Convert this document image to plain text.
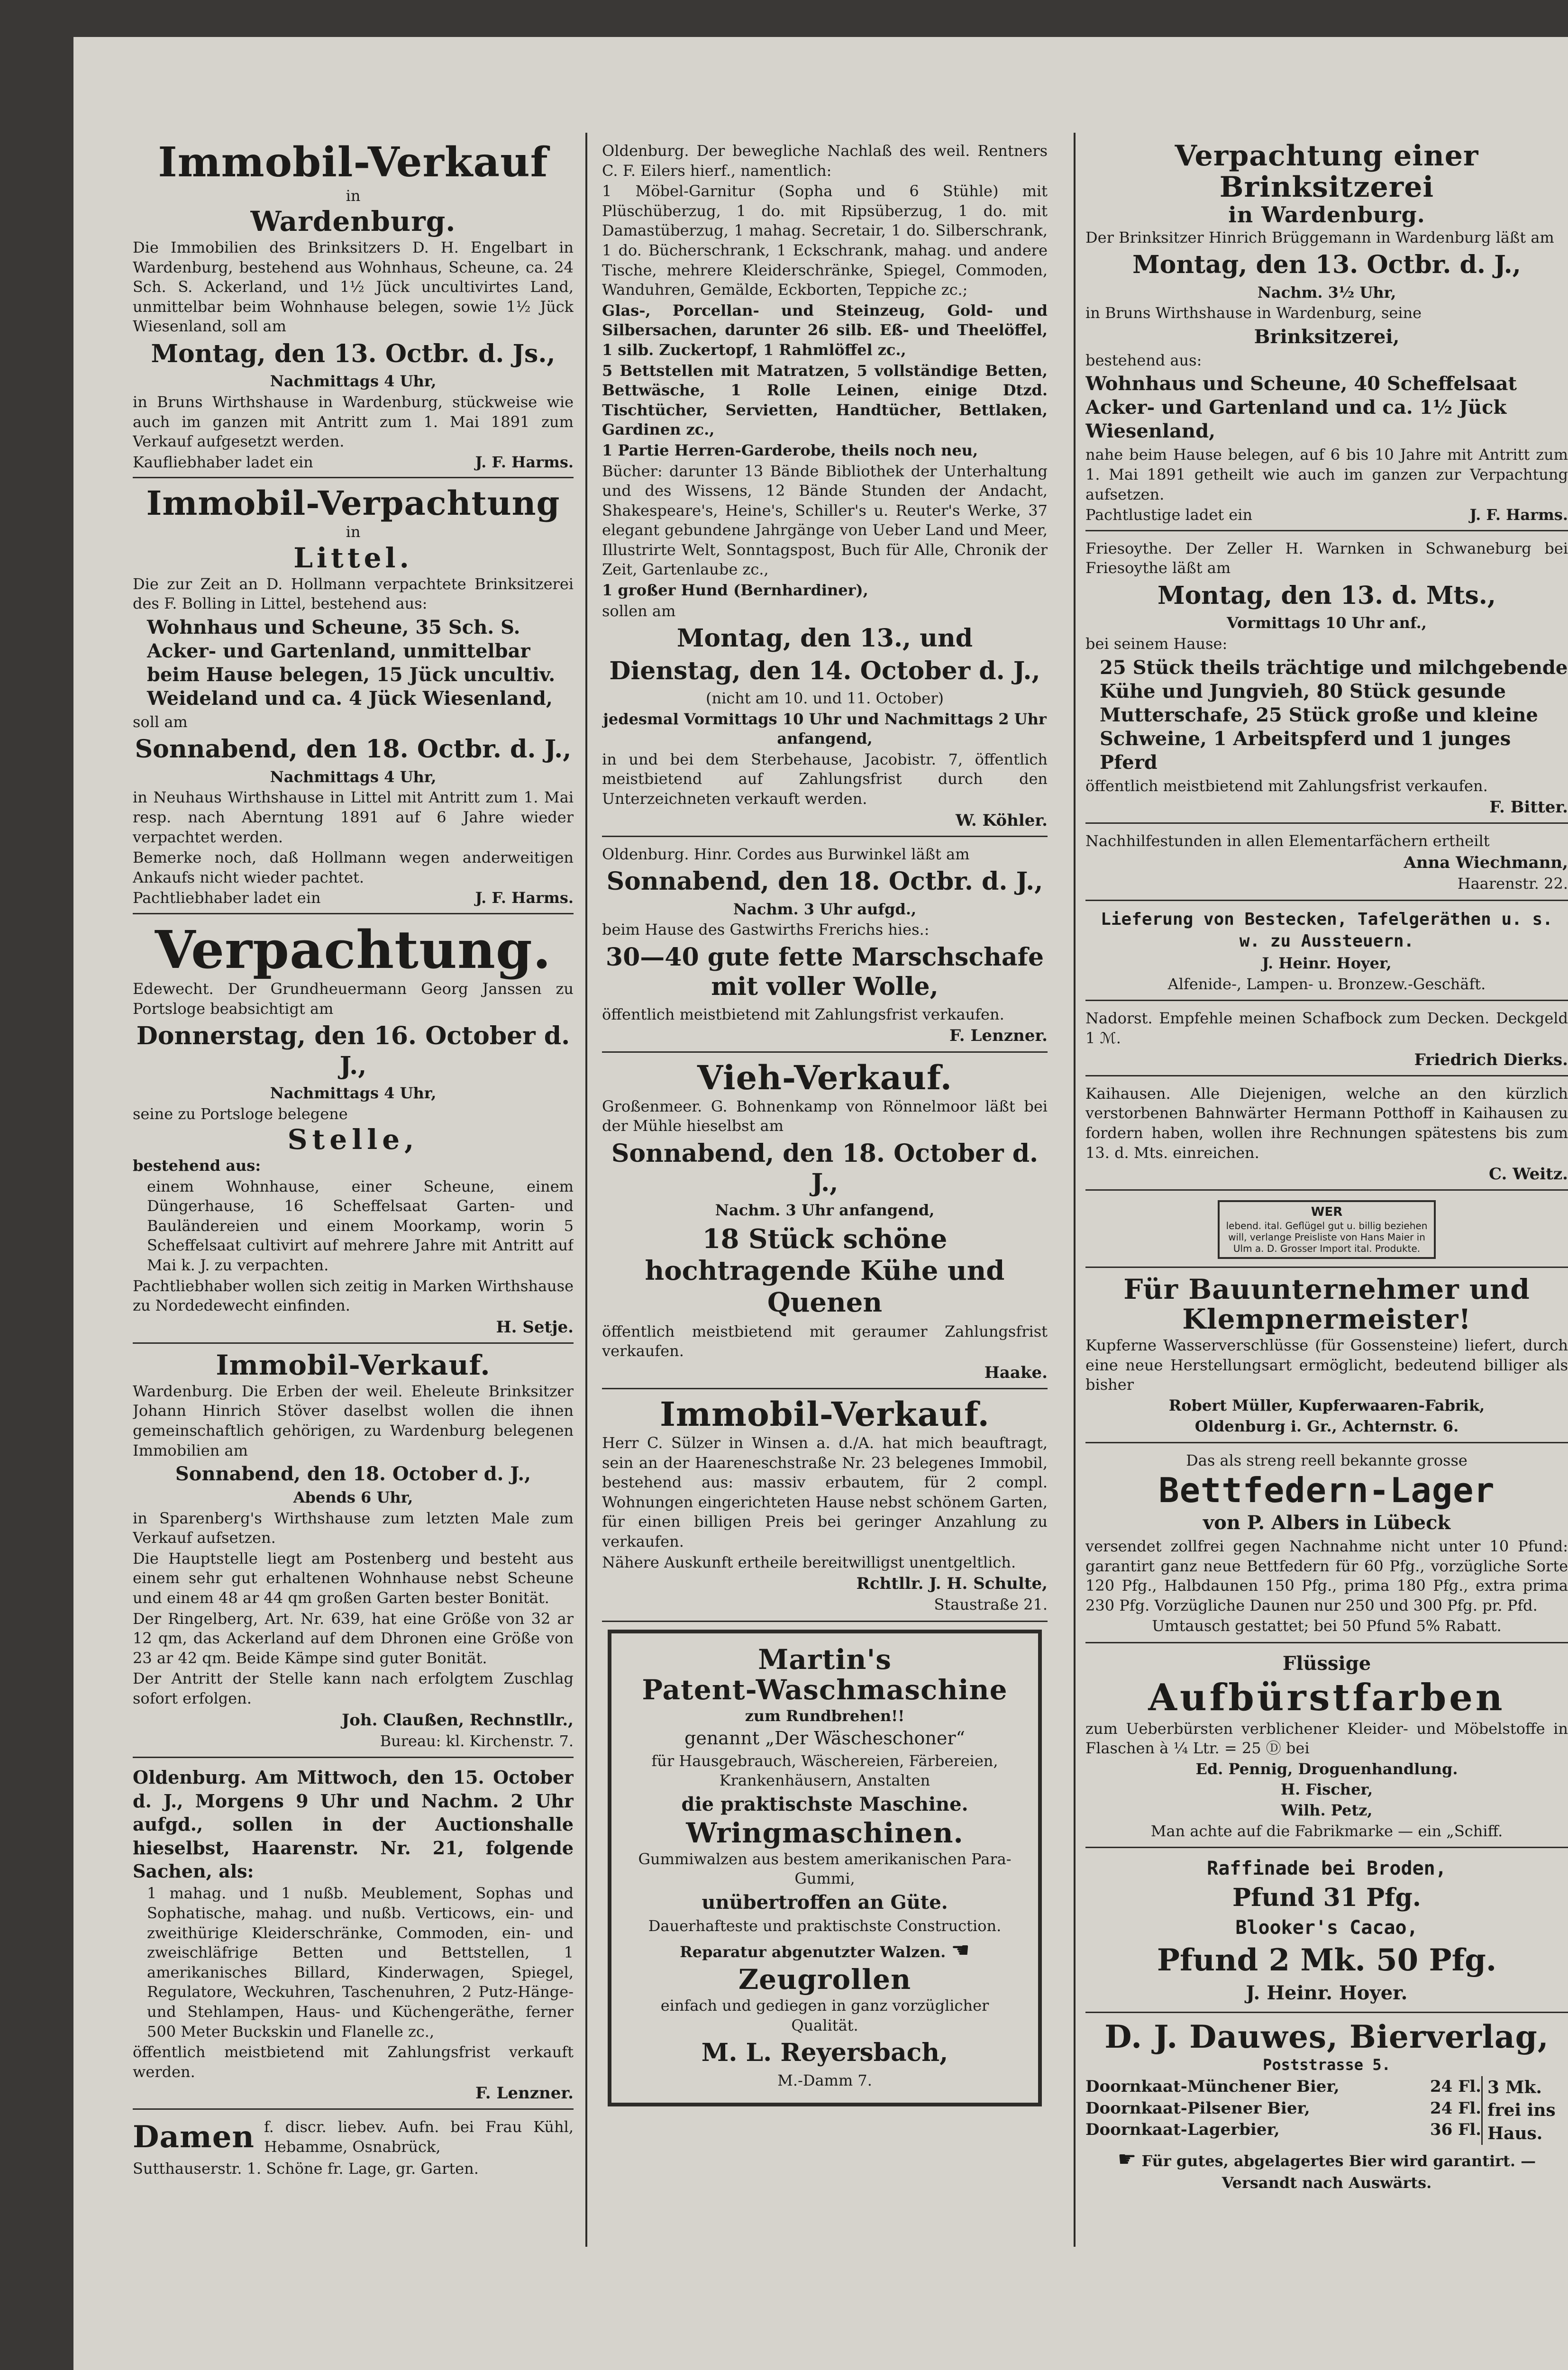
Immobil-Verkauf
in
Wardenburg.
Die Immobilien des Brinksitzers D. H. Engelbart in Wardenburg, bestehend aus Wohnhaus, Scheune, ca. 24 Sch. S. Ackerland, und 1½ Jück uncultivirtes Land, unmittelbar beim Wohnhause belegen, sowie 1½ Jück Wiesenland, soll am
Montag, den 13. Octbr. d. Js.,
Nachmittags 4 Uhr,
in Bruns Wirthshause in Wardenburg, stückweise wie auch im ganzen mit Antritt zum 1. Mai 1891 zum Verkauf aufgesetzt werden.
Kaufliebhaber ladet ein	J. F. Harms.
Immobil-Verpachtung
in
Littel.
Die zur Zeit an D. Hollmann verpachtete Brinksitzerei des F. Bolling in Littel, bestehend aus:
Wohnhaus und Scheune, 35 Sch. S. Acker- und Gartenland, unmittelbar beim Hause belegen, 15 Jück uncultiv. Weideland und ca. 4 Jück Wiesenland,
soll am
Sonnabend, den 18. Octbr. d. J.,
Nachmittags 4 Uhr,
in Neuhaus Wirthshause in Littel mit Antritt zum 1. Mai resp. nach Aberntung 1891 auf 6 Jahre wieder verpachtet werden.
Bemerke noch, daß Hollmann wegen anderweitigen Ankaufs nicht wieder pachtet.
Pachtliebhaber ladet ein	J. F. Harms.
Verpachtung.
Edewecht. Der Grundheuermann Georg Janssen zu Portsloge beabsichtigt am
Donnerstag, den 16. October d. J.,
Nachmittags 4 Uhr,
seine zu Portsloge belegene
Stelle,
bestehend aus:
einem Wohnhause, einer Scheune, einem Düngerhause, 16 Scheffelsaat Garten- und Bauländereien und einem Moorkamp, worin 5 Scheffelsaat cultivirt auf mehrere Jahre mit Antritt auf Mai k. J. zu verpachten.
Pachtliebhaber wollen sich zeitig in Marken Wirthshause zu Nordedewecht einfinden.
H. Setje.
Immobil-Verkauf.
Wardenburg. Die Erben der weil. Eheleute Brinksitzer Johann Hinrich Stöver daselbst wollen die ihnen gemeinschaftlich gehörigen, zu Wardenburg belegenen Immobilien am
Sonnabend, den 18. October d. J.,
Abends 6 Uhr,
in Sparenberg's Wirthshause zum letzten Male zum Verkauf aufsetzen.
Die Hauptstelle liegt am Postenberg und besteht aus einem sehr gut erhaltenen Wohnhause nebst Scheune und einem 48 ar 44 qm großen Garten bester Bonität.
Der Ringelberg, Art. Nr. 639, hat eine Größe von 32 ar 12 qm, das Ackerland auf dem Dhronen eine Größe von 23 ar 42 qm. Beide Kämpe sind guter Bonität.
Der Antritt der Stelle kann nach erfolgtem Zuschlag sofort erfolgen.
Joh. Claußen, Rechnstllr.,
Bureau: kl. Kirchenstr. 7.
Oldenburg. Am Mittwoch, den 15. October d. J., Morgens 9 Uhr und Nachm. 2 Uhr aufgd., sollen in der Auctionshalle hieselbst, Haarenstr. Nr. 21, folgende Sachen, als:
1 mahag. und 1 nußb. Meublement, Sophas und Sophatische, mahag. und nußb. Verticows, ein- und zweithürige Kleiderschränke, Commoden, ein- und zweischläfrige Betten und Bettstellen, 1 amerikanisches Billard, Kinderwagen, Spiegel, Regulatore, Weckuhren, Taschenuhren, 2 Putz-Hänge- und Stehlampen, Haus- und Küchengeräthe, ferner 500 Meter Buckskin und Flanelle zc.,
öffentlich meistbietend mit Zahlungsfrist verkauft werden.
F. Lenzner.
Damen f. discr. liebev. Aufn. bei Frau Kühl, Hebamme, Osnabrück,
Sutthauserstr. 1. Schöne fr. Lage, gr. Garten.
Oldenburg. Der bewegliche Nachlaß des weil. Rentners C. F. Eilers hierf., namentlich:
1 Möbel-Garnitur (Sopha und 6 Stühle) mit Plüschüberzug, 1 do. mit Ripsüberzug, 1 do. mit Damastüberzug, 1 mahag. Secretair, 1 do. Silberschrank, 1 do. Bücherschrank, 1 Eckschrank, mahag. und andere Tische, mehrere Kleiderschränke, Spiegel, Commoden, Wanduhren, Gemälde, Eckborten, Teppiche zc.;
Glas-, Porcellan- und Steinzeug, Gold- und Silbersachen, darunter 26 silb. Eß- und Theelöffel, 1 silb. Zuckertopf, 1 Rahmlöffel zc.,
5 Bettstellen mit Matratzen, 5 vollständige Betten, Bettwäsche, 1 Rolle Leinen, einige Dtzd. Tischtücher, Servietten, Handtücher, Bettlaken, Gardinen zc.,
1 Partie Herren-Garderobe, theils noch neu,
Bücher: darunter 13 Bände Bibliothek der Unterhaltung und des Wissens, 12 Bände Stunden der Andacht, Shakespeare's, Heine's, Schiller's u. Reuter's Werke, 37 elegant gebundene Jahrgänge von Ueber Land und Meer, Illustrirte Welt, Sonntagspost, Buch für Alle, Chronik der Zeit, Gartenlaube zc.,
1 großer Hund (Bernhardiner),
sollen am
Montag, den 13., und
Dienstag, den 14. October d. J.,
(nicht am 10. und 11. October)
jedesmal Vormittags 10 Uhr und Nachmittags 2 Uhr anfangend,
in und bei dem Sterbehause, Jacobistr. 7, öffentlich meistbietend auf Zahlungsfrist durch den Unterzeichneten verkauft werden.
W. Köhler.
Oldenburg. Hinr. Cordes aus Burwinkel läßt am
Sonnabend, den 18. Octbr. d. J.,
Nachm. 3 Uhr aufgd.,
beim Hause des Gastwirths Frerichs hies.:
30—40 gute fette Marschschafe mit voller Wolle,
öffentlich meistbietend mit Zahlungsfrist verkaufen.
F. Lenzner.
Vieh-Verkauf.
Großenmeer. G. Bohnenkamp von Rönnelmoor läßt bei der Mühle hieselbst am
Sonnabend, den 18. October d. J.,
Nachm. 3 Uhr anfangend,
18 Stück schöne hochtragende Kühe und Quenen
öffentlich meistbietend mit geraumer Zahlungsfrist verkaufen.
Haake.
Immobil-Verkauf.
Herr C. Sülzer in Winsen a. d./A. hat mich beauftragt, sein an der Haareneschstraße Nr. 23 belegenes Immobil, bestehend aus: massiv erbautem, für 2 compl. Wohnungen eingerichteten Hause nebst schönem Garten, für einen billigen Preis bei geringer Anzahlung zu verkaufen.
Nähere Auskunft ertheile bereitwilligst unentgeltlich.
Rchtllr. J. H. Schulte,
Staustraße 21.
Martin's
Patent-Waschmaschine
zum Rundbrehen!!
genannt „Der Wäscheschoner“
für Hausgebrauch, Wäschereien, Färbereien, Krankenhäusern, Anstalten
die praktischste Maschine.
Wringmaschinen.
Gummiwalzen aus bestem amerikanischen Para-Gummi,
unübertroffen an Güte.
Dauerhafteste und praktischste Construction.
Reparatur abgenutzter Walzen. ☚
Zeugrollen
einfach und gediegen in ganz vorzüglicher Qualität.
M. L. Reyersbach,
M.-Damm 7.
Verpachtung einer Brinksitzerei
in Wardenburg.
Der Brinksitzer Hinrich Brüggemann in Wardenburg läßt am
Montag, den 13. Octbr. d. J.,
Nachm. 3½ Uhr,
in Bruns Wirthshause in Wardenburg, seine
Brinksitzerei,
bestehend aus:
Wohnhaus und Scheune, 40 Scheffelsaat Acker- und Gartenland und ca. 1½ Jück Wiesenland,
nahe beim Hause belegen, auf 6 bis 10 Jahre mit Antritt zum 1. Mai 1891 getheilt wie auch im ganzen zur Verpachtung aufsetzen.
Pachtlustige ladet ein	J. F. Harms.
Friesoythe. Der Zeller H. Warnken in Schwaneburg bei Friesoythe läßt am
Montag, den 13. d. Mts.,
Vormittags 10 Uhr anf.,
bei seinem Hause:
25 Stück theils trächtige und milchgebende Kühe und Jungvieh, 80 Stück gesunde Mutterschafe, 25 Stück große und kleine Schweine, 1 Arbeitspferd und 1 junges Pferd
öffentlich meistbietend mit Zahlungsfrist verkaufen.
F. Bitter.
Nachhilfestunden in allen Elementarfächern ertheilt
Anna Wiechmann,
Haarenstr. 22.
Lieferung von Bestecken, Tafelgeräthen u. s. w. zu Aussteuern.
J. Heinr. Hoyer,
Alfenide-, Lampen- u. Bronzew.-Geschäft.
Nadorst. Empfehle meinen Schafbock zum Decken. Deckgeld 1 ℳ.
Friedrich Dierks.
Kaihausen. Alle Diejenigen, welche an den kürzlich verstorbenen Bahnwärter Hermann Potthoff in Kaihausen zu fordern haben, wollen ihre Rechnungen spätestens bis zum 13. d. Mts. einreichen.
C. Weitz.
WER
lebend. ital. Geflügel gut u. billig beziehen will, verlange Preisliste von Hans Maier in Ulm a. D. Grosser Import ital. Produkte.
Für Bauunternehmer und Klempnermeister!
Kupferne Wasserverschlüsse (für Gossensteine) liefert, durch eine neue Herstellungsart ermöglicht, bedeutend billiger als bisher
Robert Müller, Kupferwaaren-Fabrik,
Oldenburg i. Gr., Achternstr. 6.
Das als streng reell bekannte grosse
Bettfedern-Lager
von P. Albers in Lübeck
versendet zollfrei gegen Nachnahme nicht unter 10 Pfund: garantirt ganz neue Bettfedern für 60 Pfg., vorzügliche Sorte 120 Pfg., Halbdaunen 150 Pfg., prima 180 Pfg., extra prima 230 Pfg. Vorzügliche Daunen nur 250 und 300 Pfg. pr. Pfd.
Umtausch gestattet; bei 50 Pfund 5% Rabatt.
Flüssige
Aufbürstfarben
zum Ueberbürsten verblichener Kleider- und Möbelstoffe in Flaschen à ¼ Ltr. = 25 Ⓓ bei
Ed. Pennig, Droguenhandlung.
H. Fischer,
Wilh. Petz,
Man achte auf die Fabrikmarke — ein „Schiff.
Raffinade bei Broden,
Pfund 31 Pfg.
Blooker's Cacao,
Pfund 2 Mk. 50 Pfg.
J. Heinr. Hoyer.
D. J. Dauwes, Bierverlag,
Poststrasse 5.
Doornkaat-Münchener Bier,	24 Fl.
Doornkaat-Pilsener Bier,	24 Fl.
Doornkaat-Lagerbier,	36 Fl.
3 Mk. frei ins Haus.
☛ Für gutes, abgelagertes Bier wird garantirt. — Versandt nach Auswärts.
